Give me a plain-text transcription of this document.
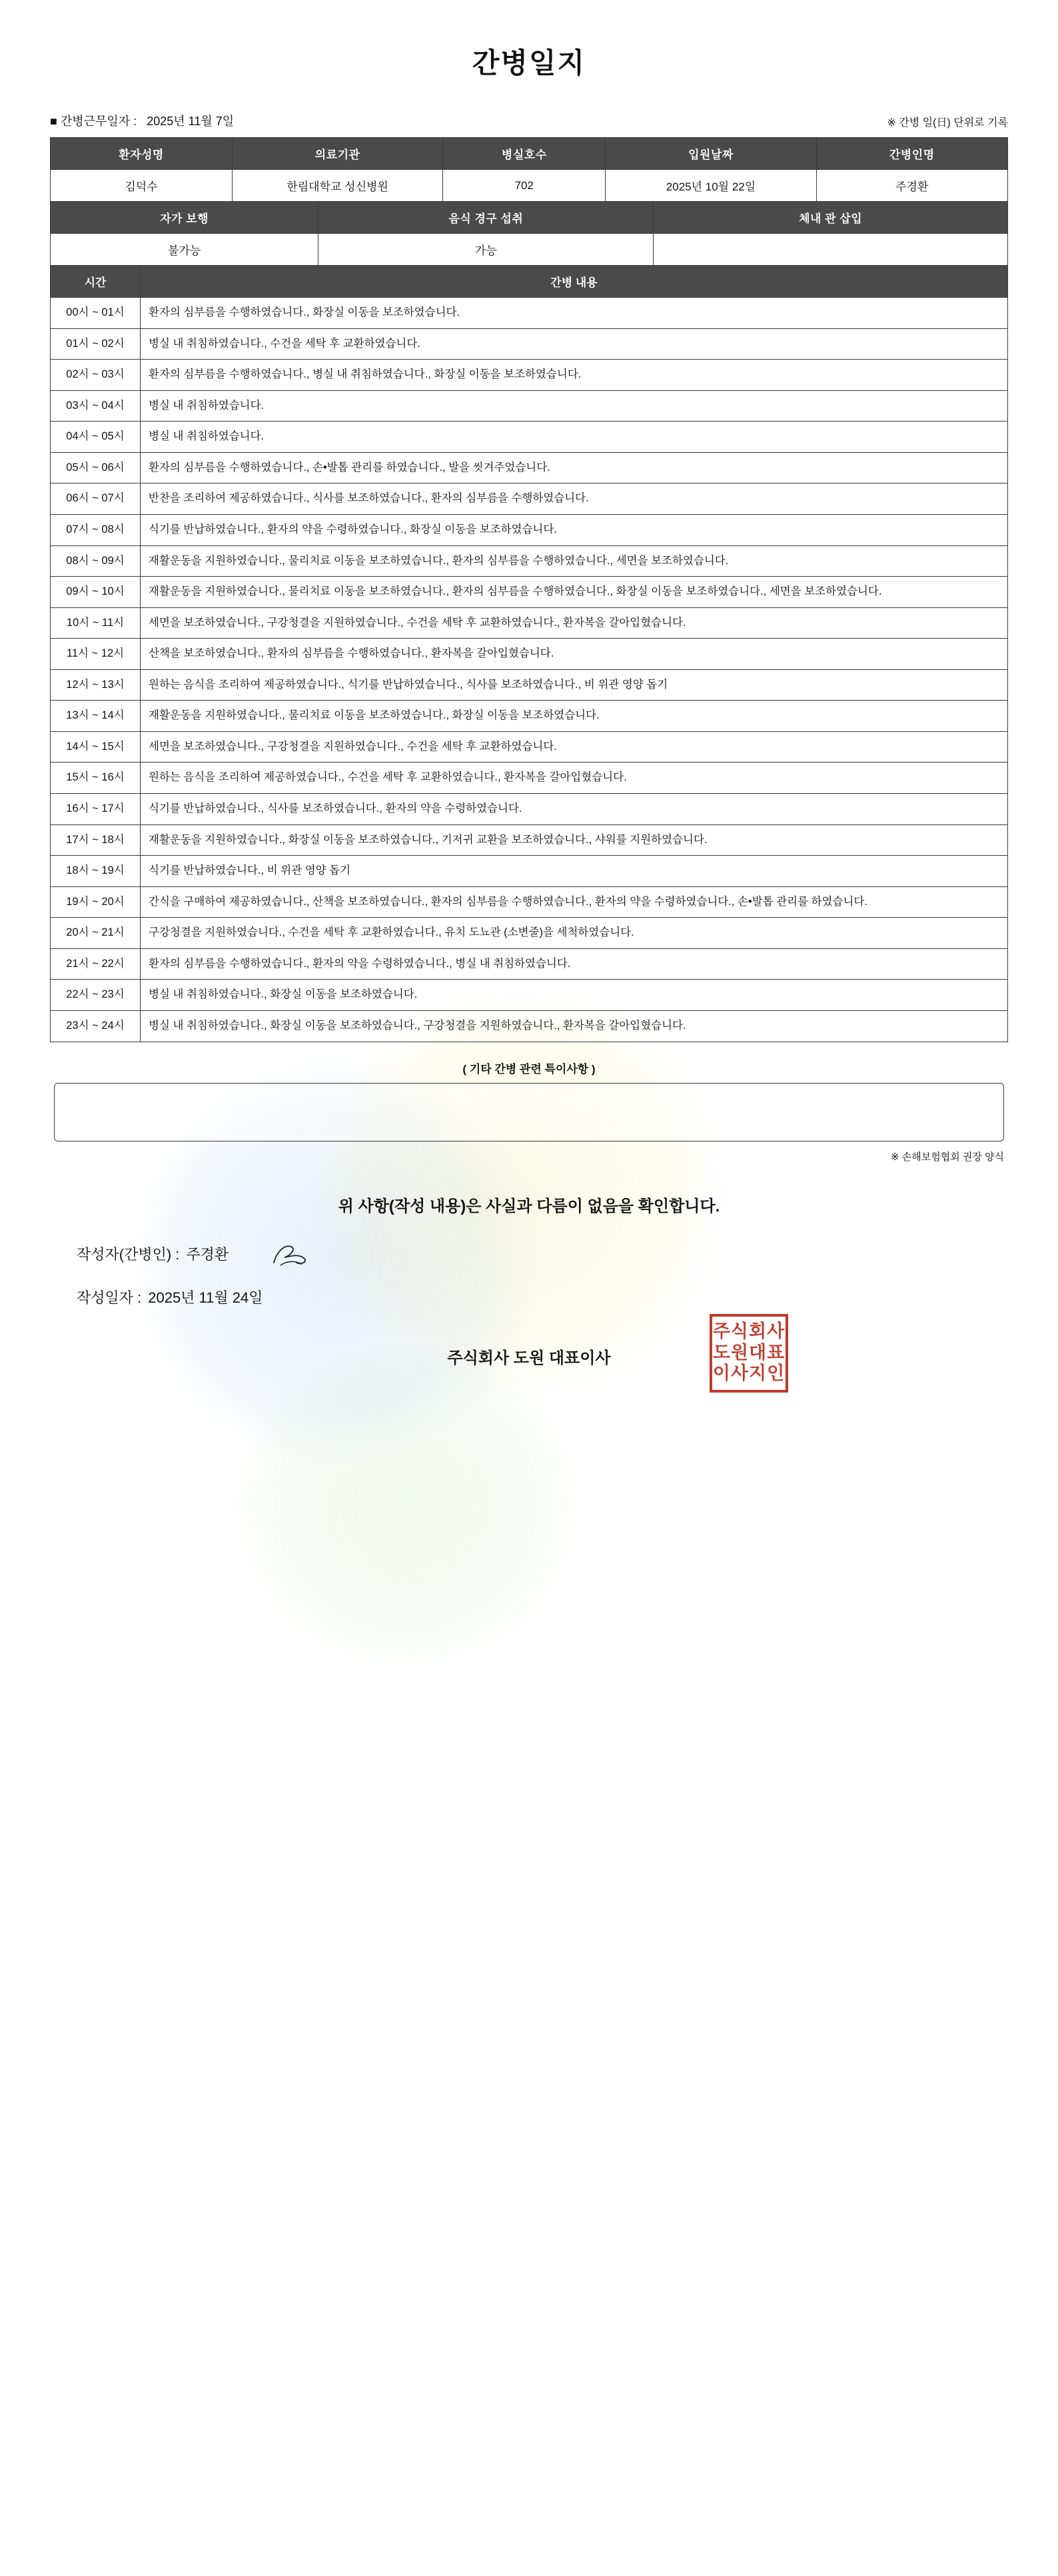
간병일지
■ 간병근무일자 : 2025년 11월 7일	※ 간병 일(日) 단위로 기록
환자성명	의료기관	병실호수	입원날짜	간병인명
김덕수	한림대학교 성신병원	702	2025년 10월 22일	주경환
자가 보행	음식 경구 섭취	체내 관 삽입
불가능	가능	
시간	간병 내용
00시 ~ 01시	환자의 심부름을 수행하였습니다., 화장실 이동을 보조하였습니다.
01시 ~ 02시	병실 내 취침하였습니다., 수건을 세탁 후 교환하였습니다.
02시 ~ 03시	환자의 심부름을 수행하였습니다., 병실 내 취침하였습니다., 화장실 이동을 보조하였습니다.
03시 ~ 04시	병실 내 취침하였습니다.
04시 ~ 05시	병실 내 취침하였습니다.
05시 ~ 06시	환자의 심부름을 수행하였습니다., 손•발톱 관리를 하였습니다., 발을 씻겨주었습니다.
06시 ~ 07시	반찬을 조리하여 제공하였습니다., 식사를 보조하였습니다., 환자의 심부름을 수행하였습니다.
07시 ~ 08시	식기를 반납하였습니다., 환자의 약을 수령하였습니다., 화장실 이동을 보조하였습니다.
08시 ~ 09시	재활운동을 지원하였습니다., 물리치료 이동을 보조하였습니다., 환자의 심부름을 수행하였습니다., 세면을 보조하였습니다.
09시 ~ 10시	재활운동을 지원하였습니다., 물리치료 이동을 보조하였습니다., 환자의 심부름을 수행하였습니다., 화장실 이동을 보조하였습니다., 세면을 보조하였습니다.
10시 ~ 11시	세면을 보조하였습니다., 구강청결을 지원하였습니다., 수건을 세탁 후 교환하였습니다., 환자복을 갈아입혔습니다.
11시 ~ 12시	산책을 보조하였습니다., 환자의 심부름을 수행하였습니다., 환자복을 갈아입혔습니다.
12시 ~ 13시	원하는 음식을 조리하여 제공하였습니다., 식기를 반납하였습니다., 식사를 보조하였습니다., 비 위관 영양 돕기
13시 ~ 14시	재활운동을 지원하였습니다., 물리치료 이동을 보조하였습니다., 화장실 이동을 보조하였습니다.
14시 ~ 15시	세면을 보조하였습니다., 구강청결을 지원하였습니다., 수건을 세탁 후 교환하였습니다.
15시 ~ 16시	원하는 음식을 조리하여 제공하였습니다., 수건을 세탁 후 교환하였습니다., 환자복을 갈아입혔습니다.
16시 ~ 17시	식기를 반납하였습니다., 식사를 보조하였습니다., 환자의 약을 수령하였습니다.
17시 ~ 18시	재활운동을 지원하였습니다., 화장실 이동을 보조하였습니다., 기저귀 교환을 보조하였습니다., 샤워를 지원하였습니다.
18시 ~ 19시	식기를 반납하였습니다., 비 위관 영양 돕기
19시 ~ 20시	간식을 구매하여 제공하였습니다., 산책을 보조하였습니다., 환자의 심부름을 수행하였습니다., 환자의 약을 수령하였습니다., 손•발톱 관리를 하였습니다.
20시 ~ 21시	구강청결을 지원하였습니다., 수건을 세탁 후 교환하였습니다., 유치 도뇨관 (소변줄)을 세척하였습니다.
21시 ~ 22시	환자의 심부름을 수행하였습니다., 환자의 약을 수령하였습니다., 병실 내 취침하였습니다.
22시 ~ 23시	병실 내 취침하였습니다., 화장실 이동을 보조하였습니다.
23시 ~ 24시	병실 내 취침하였습니다., 화장실 이동을 보조하였습니다., 구강청결을 지원하였습니다., 환자복을 갈아입혔습니다.
( 기타 간병 관련 특이사항 )
※ 손해보험협회 권장 양식
위 사항(작성 내용)은 사실과 다름이 없음을 확인합니다.
작성자(간병인) : 주경환
작성일자 : 2025년 11월 24일
주식회사 도원 대표이사
주식회사
도원대표
이사지인
